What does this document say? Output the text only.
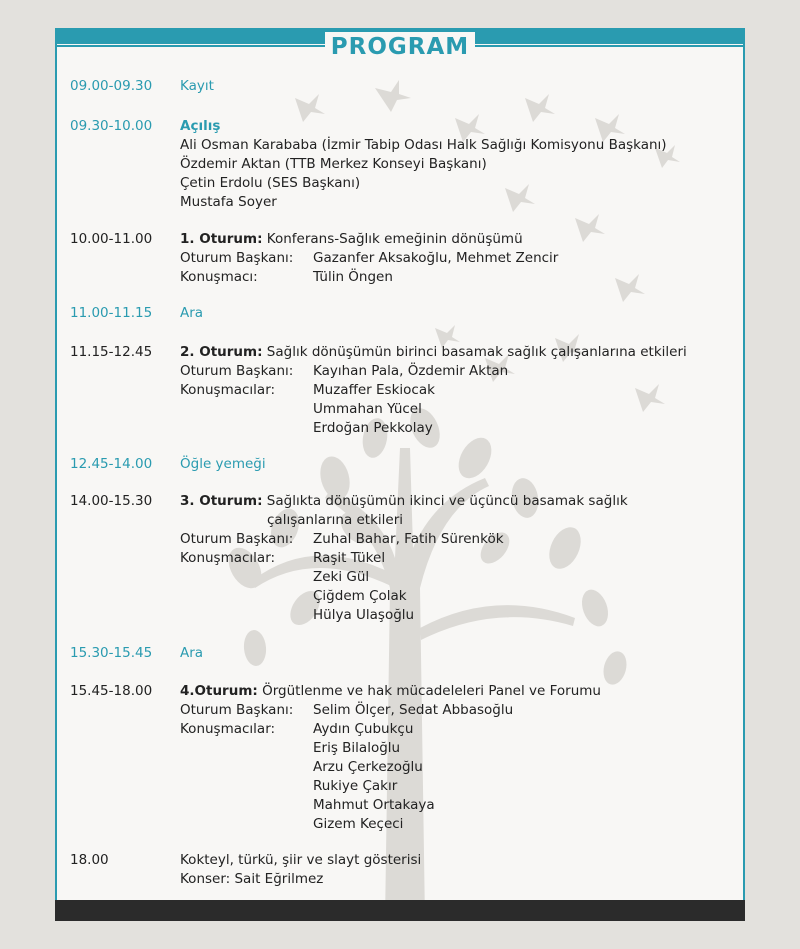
PROGRAM
09.00-09.30	Kayıt
09.30-10.00	Açılış
Ali Osman Karababa (İzmir Tabip Odası Halk Sağlığı Komisyonu Başkanı)
Özdemir Aktan (TTB Merkez Konseyi Başkanı)
Çetin Erdolu (SES Başkanı)
Mustafa Soyer
10.00-11.00	1. Oturum: Konferans-Sağlık emeğinin dönüşümü
Oturum Başkanı: Gazanfer Aksakoğlu, Mehmet Zencir
Konuşmacı:	Tülin Öngen
11.00-11.15	Ara
11.15-12.45	2. Oturum: Sağlık dönüşümün birinci basamak sağlık çalışanlarına etkileri
Oturum Başkanı: Kayıhan Pala, Özdemir Aktan
Konuşmacılar:	Muzaffer Eskiocak
Ummahan Yücel
Erdoğan Pekkolay
12.45-14.00	Öğle yemeği
14.00-15.30	3. Oturum: Sağlıkta dönüşümün ikinci ve üçüncü basamak sağlık
çalışanlarına etkileri
Oturum Başkanı: Zuhal Bahar, Fatih Sürenkök
Konuşmacılar:	Raşit Tükel
Zeki Gül
Çiğdem Çolak
Hülya Ulaşoğlu
15.30-15.45	Ara
15.45-18.00	4.Oturum: Örgütlenme ve hak mücadeleleri Panel ve Forumu
Oturum Başkanı: Selim Ölçer, Sedat Abbasoğlu
Konuşmacılar:	Aydın Çubukçu
Eriş Bilaloğlu
Arzu Çerkezoğlu
Rukiye Çakır
Mahmut Ortakaya
Gizem Keçeci
18.00	Kokteyl, türkü, şiir ve slayt gösterisi
Konser: Sait Eğrilmez
